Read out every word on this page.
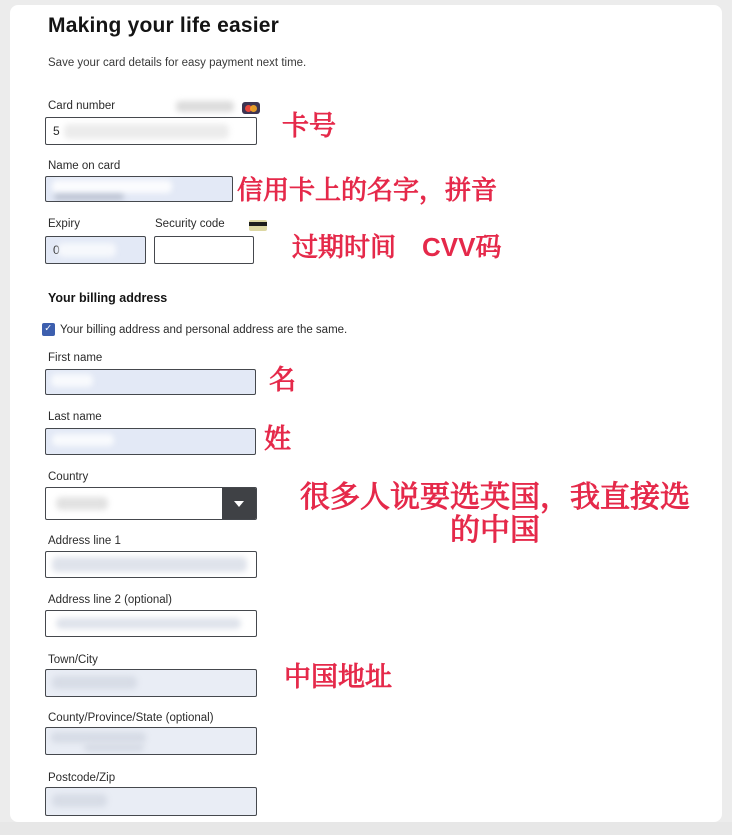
Making your life easier
Save your card details for easy payment next time.
Card number
5
卡号
Name on card
信用卡上的名字，拼音
Expiry	Security code
0
过期时间　CVV码
Your billing address
✓ Your billing address and personal address are the same.
First name
名
Last name
姓
Country
很多人说要选英国，我直接选
的中国
Address line 1
Address line 2 (optional)
Town/City
中国地址
County/Province/State (optional)
Postcode/Zip
